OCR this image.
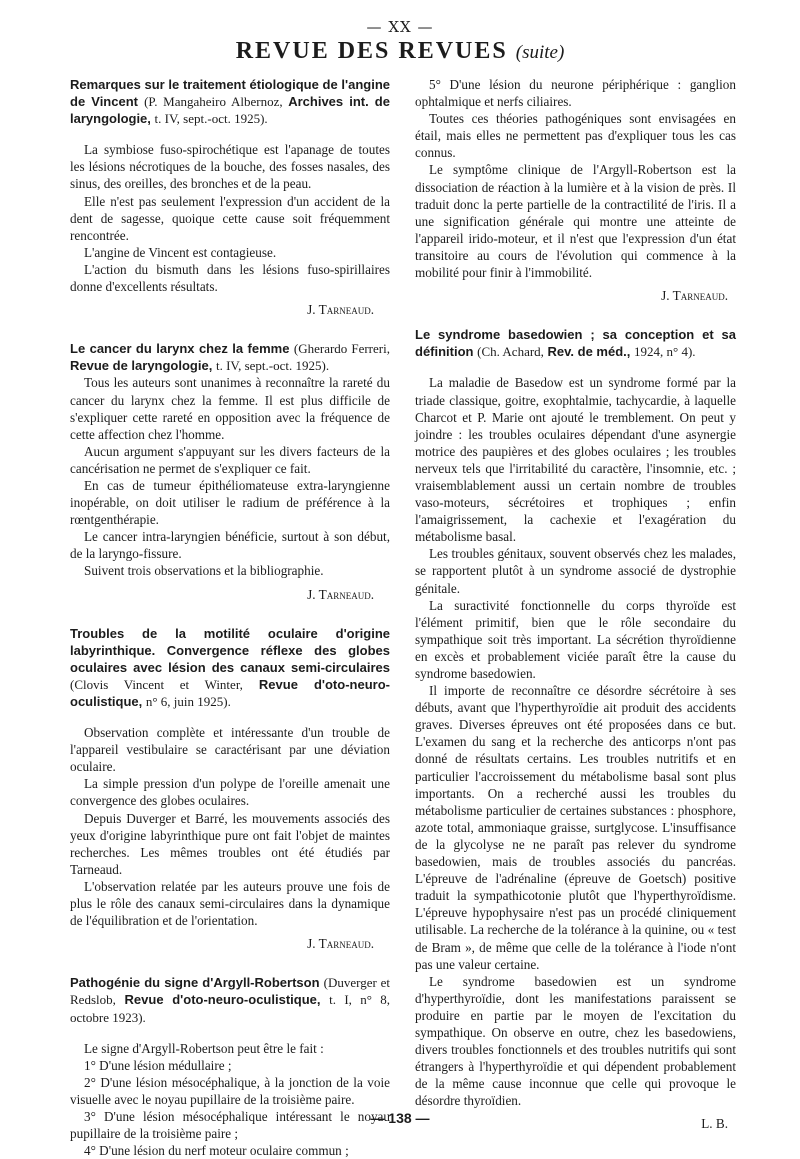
— XX —
REVUE DES REVUES (suite)

Remarques sur le traitement étiologique de l'angine de Vincent (P. Mangaheiro Albernoz, Archives int. de laryngologie, t. IV, sept.-oct. 1925).

La symbiose fuso-spirochétique est l'apanage de toutes les lésions nécrotiques de la bouche, des fosses nasales, des sinus, des oreilles, des bronches et de la peau.

Elle n'est pas seulement l'expression d'un accident de la dent de sagesse, quoique cette cause soit fréquemment rencontrée.

L'angine de Vincent est contagieuse.

L'action du bismuth dans les lésions fuso-spirillaires donne d'excellents résultats.

J. Tarneaud.

Le cancer du larynx chez la femme (Gherardo Ferreri, Revue de laryngologie, t. IV, sept.-oct. 1925).

Tous les auteurs sont unanimes à reconnaître la rareté du cancer du larynx chez la femme. Il est plus difficile de s'expliquer cette rareté en opposition avec la fréquence de cette affection chez l'homme.

Aucun argument s'appuyant sur les divers facteurs de la cancérisation ne permet de s'expliquer ce fait.

En cas de tumeur épithéliomateuse extra-laryngienne inopérable, on doit utiliser le radium de préférence à la rœntgenthérapie.

Le cancer intra-laryngien bénéficie, surtout à son début, de la laryngo-fissure.

Suivent trois observations et la bibliographie.

J. Tarneaud.

Troubles de la motilité oculaire d'origine labyrinthique. Convergence réflexe des globes oculaires avec lésion des canaux semi-circulaires (Clovis Vincent et Winter, Revue d'oto-neuro-oculistique, n° 6, juin 1925).

Observation complète et intéressante d'un trouble de l'appareil vestibulaire se caractérisant par une déviation oculaire.

La simple pression d'un polype de l'oreille amenait une convergence des globes oculaires.

Depuis Duverger et Barré, les mouvements associés des yeux d'origine labyrinthique pure ont fait l'objet de maintes recherches. Les mêmes troubles ont été étudiés par Tarneaud.

L'observation relatée par les auteurs prouve une fois de plus le rôle des canaux semi-circulaires dans la dynamique de l'équilibration et de l'orientation.

J. Tarneaud.

Pathogénie du signe d'Argyll-Robertson (Duverger et Redslob, Revue d'oto-neuro-oculistique, t. I, n° 8, octobre 1923).

Le signe d'Argyll-Robertson peut être le fait :

1° D'une lésion médullaire ;

2° D'une lésion mésocéphalique, à la jonction de la voie visuelle avec le noyau pupillaire de la troisième paire.

3° D'une lésion mésocéphalique intéressant le noyau pupillaire de la troisième paire ;

4° D'une lésion du nerf moteur oculaire commun ;

5° D'une lésion du neurone périphérique : ganglion ophtalmique et nerfs ciliaires.

Toutes ces théories pathogéniques sont envisagées en étail, mais elles ne permettent pas d'expliquer tous les cas connus.

Le symptôme clinique de l'Argyll-Robertson est la dissociation de réaction à la lumière et à la vision de près. Il traduit donc la perte partielle de la contractilité de l'iris. Il a une signification générale qui montre une atteinte de l'appareil irido-moteur, et il n'est que l'expression d'un état transitoire au cours de l'évolution qui commence à la mobilité pour finir à l'immobilité.

J. Tarneaud.

Le syndrome basedowien ; sa conception et sa définition (Ch. Achard, Rev. de méd., 1924, n° 4).

La maladie de Basedow est un syndrome formé par la triade classique, goitre, exophtalmie, tachycardie, à laquelle Charcot et P. Marie ont ajouté le tremblement. On peut y joindre : les troubles oculaires dépendant d'une asynergie motrice des paupières et des globes oculaires ; les troubles nerveux tels que l'irritabilité du caractère, l'insomnie, etc. ; vraisemblablement aussi un certain nombre de troubles vaso-moteurs, sécrétoires et trophiques ; enfin l'amaigrissement, la cachexie et l'exagération du métabolisme basal.

Les troubles génitaux, souvent observés chez les malades, se rapportent plutôt à un syndrome associé de dystrophie génitale.

La suractivité fonctionnelle du corps thyroïde est l'élément primitif, bien que le rôle secondaire du sympathique soit très important. La sécrétion thyroïdienne en excès et probablement viciée paraît être la cause du syndrome basedowien.

Il importe de reconnaître ce désordre sécrétoire à ses débuts, avant que l'hyperthyroïdie ait produit des accidents graves. Diverses épreuves ont été proposées dans ce but. L'examen du sang et la recherche des anticorps n'ont pas donné de résultats certains. Les troubles nutritifs et en particulier l'accroissement du métabolisme basal sont plus importants. On a recherché aussi les troubles du métabolisme particulier de certaines substances : phosphore, azote total, ammoniaque graisse, surtglycose. L'insuffisance de la glycolyse ne ne paraît pas relever du syndrome basedowien, mais de troubles associés du pancréas. L'épreuve de l'adrénaline (épreuve de Goetsch) positive traduit la sympathicotonie plutôt que l'hyperthyroïdisme. L'épreuve hypophysaire n'est pas un procédé cliniquement utilisable. La recherche de la tolérance à la quinine, ou « test de Bram », de même que celle de la tolérance à l'iode n'ont pas une valeur certaine.

Le syndrome basedowien est un syndrome d'hyperthyroïdie, dont les manifestations paraissent se produire en partie par le moyen de l'excitation du sympathique. On observe en outre, chez les basedowiens, divers troubles fonctionnels et des troubles nutritifs qui sont étrangers à l'hyperthyroïdie et qui dépendent probablement de la même cause inconnue que celle qui provoque le désordre thyroïdien.

L. B.
— 138 —
